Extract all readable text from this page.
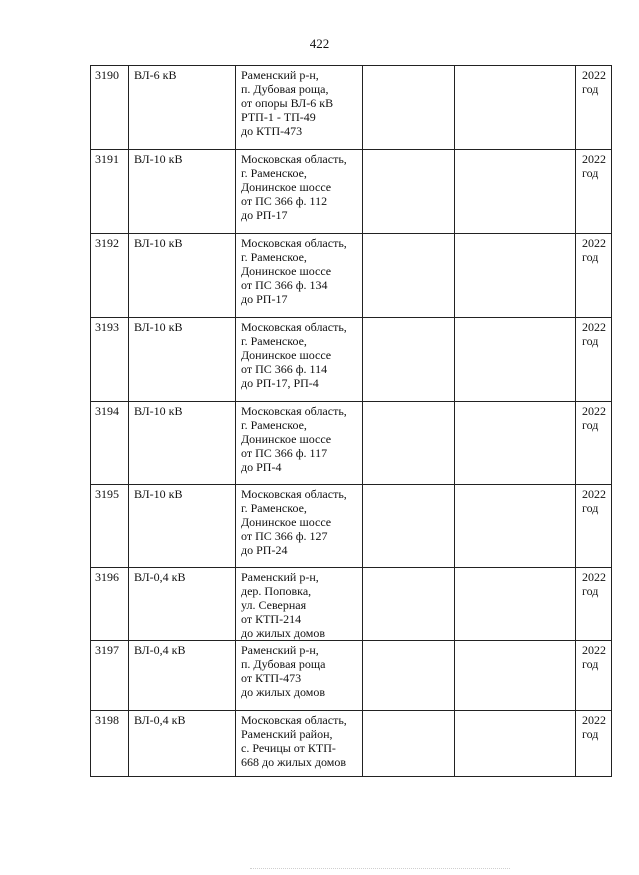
422
3190	ВЛ-6 кВ	Раменский р-н,
п. Дубовая роща,
от опоры ВЛ-6 кВ
РТП-1 - ТП-49
до КТП-473			2022
год

3191	ВЛ-10 кВ	Московская область,
г. Раменское,
Донинское шоссе
от ПС 366 ф. 112
до РП-17			2022
год

3192	ВЛ-10 кВ	Московская область,
г. Раменское,
Донинское шоссе
от ПС 366 ф. 134
до РП-17			2022
год

3193	ВЛ-10 кВ	Московская область,
г. Раменское,
Донинское шоссе
от ПС 366 ф. 114
до РП-17, РП-4			2022
год

3194	ВЛ-10 кВ	Московская область,
г. Раменское,
Донинское шоссе
от ПС 366 ф. 117
до РП-4			2022
год

3195	ВЛ-10 кВ	Московская область,
г. Раменское,
Донинское шоссе
от ПС 366 ф. 127
до РП-24			2022
год

3196	ВЛ-0,4 кВ	Раменский р-н,
дер. Поповка,
ул. Северная
от КТП-214
до жилых домов			2022
год

3197	ВЛ-0,4 кВ	Раменский р-н,
п. Дубовая роща
от КТП-473
до жилых домов			2022
год

3198	ВЛ-0,4 кВ	Московская область,
Раменский район,
с. Речицы от КТП-
668 до жилых домов			2022
год
